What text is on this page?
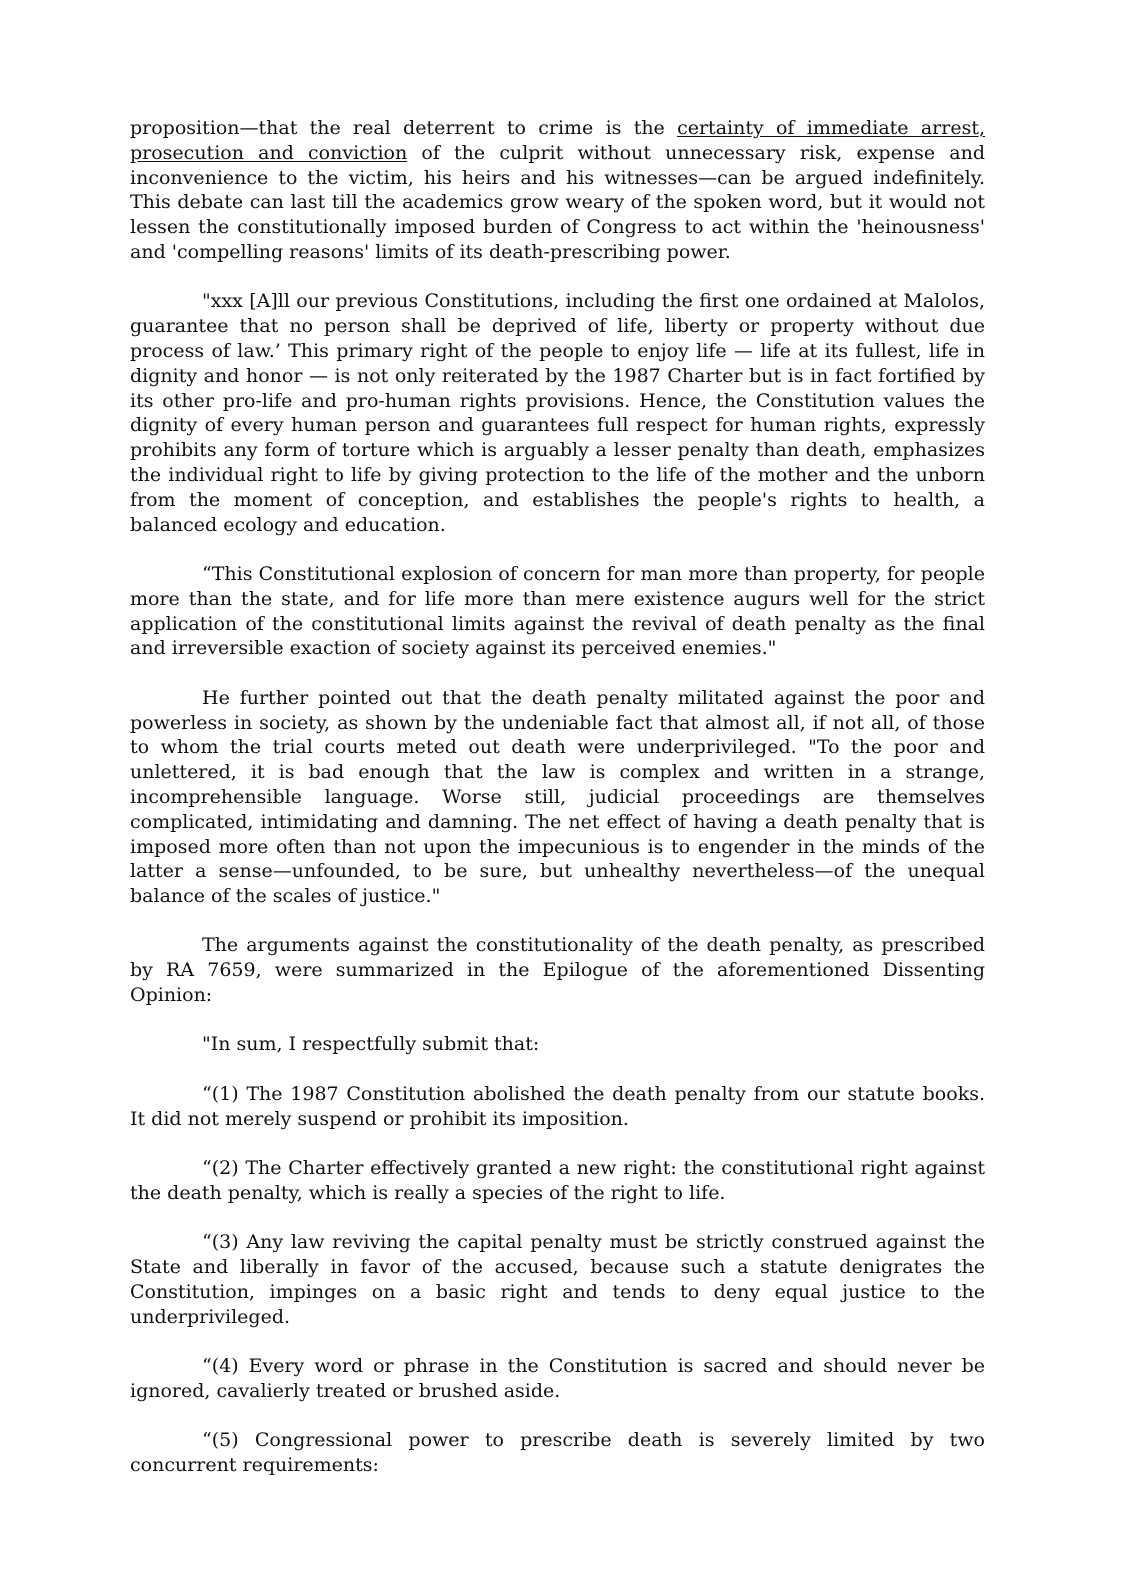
proposition—that the real deterrent to crime is the certainty of immediate arrest, prosecution and conviction of the culprit without unnecessary risk, expense and inconvenience to the victim, his heirs and his witnesses—can be argued indefinitely. This debate can last till the academics grow weary of the spoken word, but it would not lessen the constitutionally imposed burden of Congress to act within the 'heinousness' and 'compelling reasons' limits of its death-prescribing power.

"xxx [A]ll our previous Constitutions, including the first one ordained at Malolos, guarantee that no person shall be deprived of life, liberty or property without due process of law.’ This primary right of the people to enjoy life — life at its fullest, life in dignity and honor — is not only reiterated by the 1987 Charter but is in fact fortified by its other pro-life and pro-human rights provisions. Hence, the Constitution values the dignity of every human person and guarantees full respect for human rights, expressly prohibits any form of torture which is arguably a lesser penalty than death, emphasizes the individual right to life by giving protection to the life of the mother and the unborn from the moment of conception, and establishes the people's rights to health, a balanced ecology and education.

“This Constitutional explosion of concern for man more than property, for people more than the state, and for life more than mere existence augurs well for the strict application of the constitutional limits against the revival of death penalty as the final and irreversible exaction of society against its perceived enemies."

He further pointed out that the death penalty militated against the poor and powerless in society, as shown by the undeniable fact that almost all, if not all, of those to whom the trial courts meted out death were underprivileged. "To the poor and unlettered, it is bad enough that the law is complex and written in a strange, incomprehensible language. Worse still, judicial proceedings are themselves complicated, intimidating and damning. The net effect of having a death penalty that is imposed more often than not upon the impecunious is to engender in the minds of the latter a sense—unfounded, to be sure, but unhealthy nevertheless—of the unequal balance of the scales of justice."

The arguments against the constitutionality of the death penalty, as prescribed by RA 7659, were summarized in the Epilogue of the aforementioned Dissenting Opinion:

"In sum, I respectfully submit that:

“(1) The 1987 Constitution abolished the death penalty from our statute books. It did not merely suspend or prohibit its imposition.

“(2) The Charter effectively granted a new right: the constitutional right against the death penalty, which is really a species of the right to life.

“(3) Any law reviving the capital penalty must be strictly construed against the State and liberally in favor of the accused, because such a statute denigrates the Constitution, impinges on a basic right and tends to deny equal justice to the underprivileged.

“(4) Every word or phrase in the Constitution is sacred and should never be ignored, cavalierly treated or brushed aside.

“(5) Congressional power to prescribe death is severely limited by two concurrent requirements:
